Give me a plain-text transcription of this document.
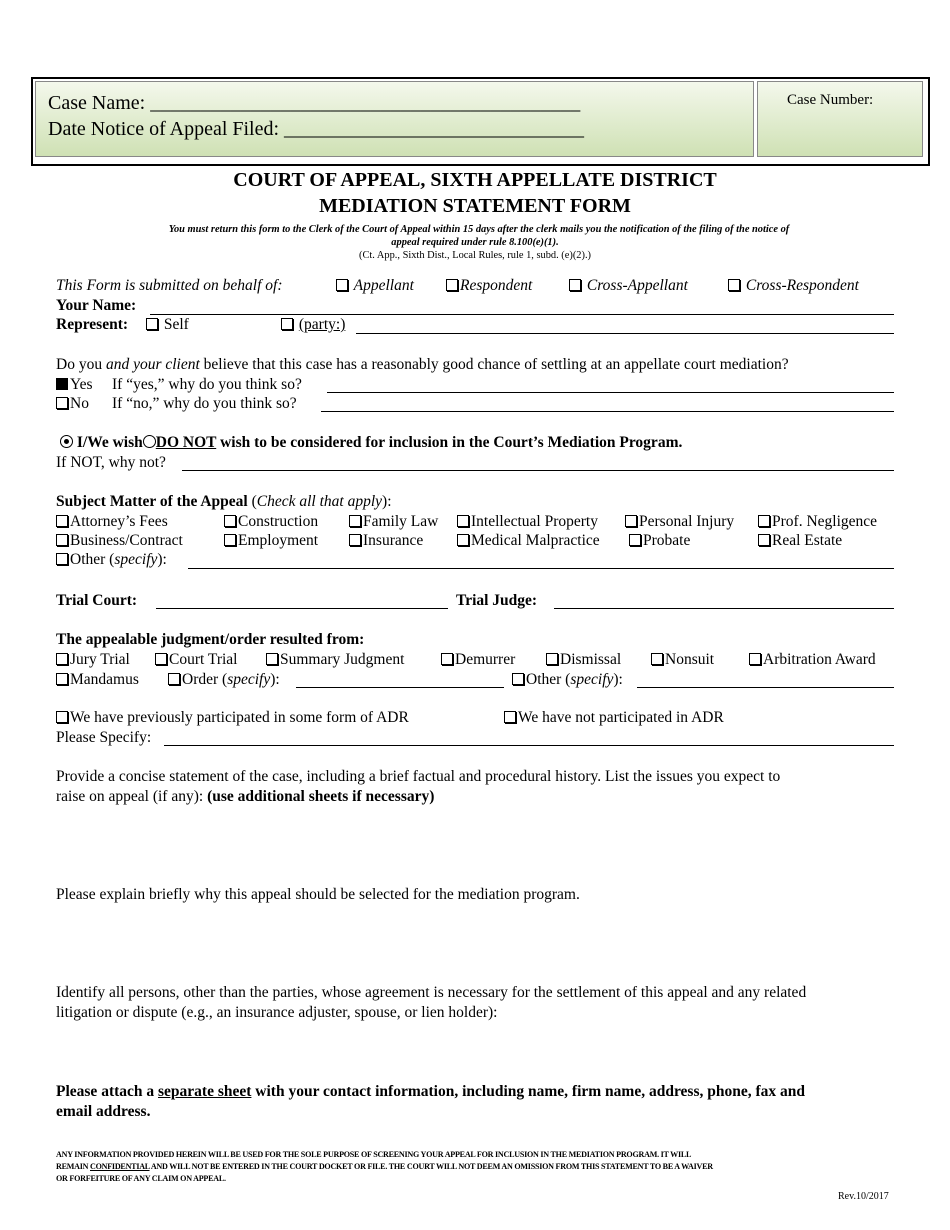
Case Name: ___________________________________________
Date Notice of Appeal Filed: ______________________________
Case Number:
COURT OF APPEAL, SIXTH APPELLATE DISTRICT
MEDIATION STATEMENT FORM
You must return this form to the Clerk of the Court of Appeal within 15 days after the clerk mails you the notification of the filing of the notice of
appeal required under rule 8.100(e)(1).
(Ct. App., Sixth Dist., Local Rules, rule 1, subd. (e)(2).)
This Form is submitted on behalf of:	Appellant	Respondent	Cross-Appellant	Cross-Respondent
Your Name:
Represent:	Self	(party:)
Do you and your client believe that this case has a reasonably good chance of settling at an appellate court mediation?
Yes If “yes,” why do you think so?
No If “no,” why do you think so?
I/We wish DO NOT wish to be considered for inclusion in the Court’s Mediation Program.
If NOT, why not?
Subject Matter of the Appeal (Check all that apply):
Attorney’s Fees	Construction	Family Law	Intellectual Property	Personal Injury	Prof. Negligence
Business/Contract	Employment	Insurance	Medical Malpractice	Probate	Real Estate
Other (specify):
Trial Court:	Trial Judge:
The appealable judgment/order resulted from:
Jury Trial	Court Trial	Summary Judgment	Demurrer	Dismissal	Nonsuit	Arbitration Award
Mandamus	Order (specify):	Other (specify):
We have previously participated in some form of ADR	We have not participated in ADR
Please Specify:
Provide a concise statement of the case, including a brief factual and procedural history. List the issues you expect to
raise on appeal (if any): (use additional sheets if necessary)
Please explain briefly why this appeal should be selected for the mediation program.
Identify all persons, other than the parties, whose agreement is necessary for the settlement of this appeal and any related
litigation or dispute (e.g., an insurance adjuster, spouse, or lien holder):
Please attach a separate sheet with your contact information, including name, firm name, address, phone, fax and
email address.
ANY INFORMATION PROVIDED HEREIN WILL BE USED FOR THE SOLE PURPOSE OF SCREENING YOUR APPEAL FOR INCLUSION IN THE MEDIATION PROGRAM. IT WILL
REMAIN CONFIDENTIAL AND WILL NOT BE ENTERED IN THE COURT DOCKET OR FILE. THE COURT WILL NOT DEEM AN OMISSION FROM THIS STATEMENT TO BE A WAIVER
OR FORFEITURE OF ANY CLAIM ON APPEAL.
Rev.10/2017
